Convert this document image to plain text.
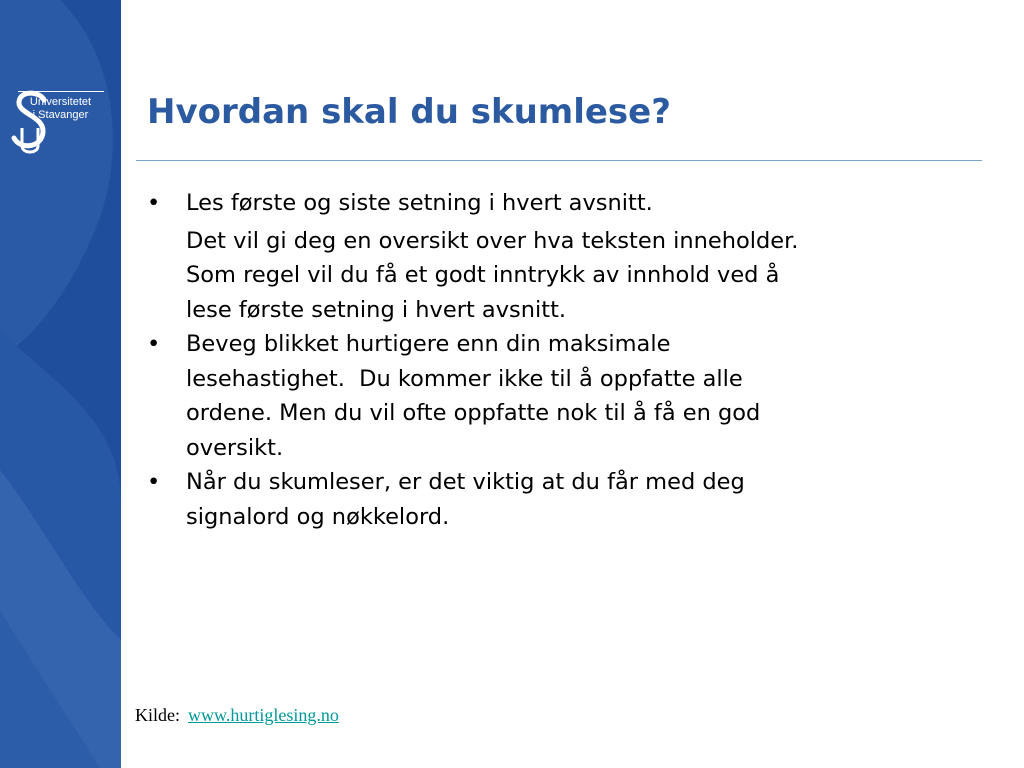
Universitetet
i Stavanger	Hvordan skal du skumlese?
• Les første og siste setning i hvert avsnitt.
Det vil gi deg en oversikt over hva teksten inneholder.
Som regel vil du få et godt inntrykk av innhold ved å
lese første setning i hvert avsnitt.
• Beveg blikket hurtigere enn din maksimale
lesehastighet.  Du kommer ikke til å oppfatte alle
ordene. Men du vil ofte oppfatte nok til å få en god
oversikt.
• Når du skumleser, er det viktig at du får med deg
signalord og nøkkelord.
Kilde: www.hurtiglesing.no
